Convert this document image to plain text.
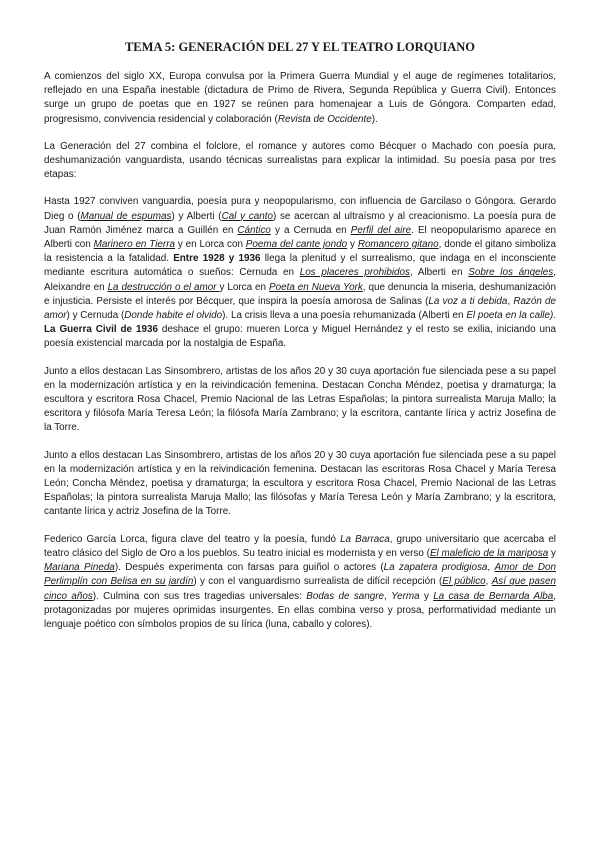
TEMA 5: GENERACIÓN DEL 27 Y EL TEATRO LORQUIANO

A comienzos del siglo XX, Europa convulsa por la Primera Guerra Mundial y el auge de regímenes totalitarios, reflejado en una España inestable (dictadura de Primo de Rivera, Segunda República y Guerra Civil). Entonces surge un grupo de poetas que en 1927 se reúnen para homenajear a Luis de Góngora. Comparten edad, progresismo, convivencia residencial y colaboración (Revista de Occidente).

La Generación del 27 combina el folclore, el romance y autores como Bécquer o Machado con poesía pura, deshumanización vanguardista, usando técnicas surrealistas para explicar la intimidad. Su poesía pasa por tres etapas:

Hasta 1927 conviven vanguardia, poesía pura y neopopularismo, con influencia de Garcilaso o Góngora. Gerardo Dieg o (Manual de espumas) y Alberti (Cal y canto) se acercan al ultraísmo y al creacionismo. La poesía pura de Juan Ramón Jiménez marca a Guillén en Cántico y a Cernuda en Perfil del aire. El neopopularismo aparece en Alberti con Marinero en Tierra y en Lorca con Poema del cante jondo y Romancero gitano, donde el gitano simboliza la resistencia a la fatalidad. Entre 1928 y 1936 llega la plenitud y el surrealismo, que indaga en el inconsciente mediante escritura automática o sueños: Cernuda en Los placeres prohibidos, Alberti en Sobre los ángeles, Aleixandre en La destrucción o el amor y Lorca en Poeta en Nueva York, que denuncia la miseria, deshumanización e injusticia. Persiste el interés por Bécquer, que inspira la poesía amorosa de Salinas (La voz a ti debida, Razón de amor) y Cernuda (Donde habite el olvido). La crisis lleva a una poesía rehumanizada (Alberti en El poeta en la calle). La Guerra Civil de 1936 deshace el grupo: mueren Lorca y Miguel Hernández y el resto se exilia, iniciando una poesía existencial marcada por la nostalgia de España.

Junto a ellos destacan Las Sinsombrero, artistas de los años 20 y 30 cuya aportación fue silenciada pese a su papel en la modernización artística y en la reivindicación femenina. Destacan Concha Méndez, poetisa y dramaturga; la escultora y escritora Rosa Chacel, Premio Nacional de las Letras Españolas; la pintora surrealista Maruja Mallo; la escritora y filósofa María Teresa León; la filósofa María Zambrano; y la escritora, cantante lírica y actriz Josefina de la Torre.

Junto a ellos destacan Las Sinsombrero, artistas de los años 20 y 30 cuya aportación fue silenciada pese a su papel en la modernización artística y en la reivindicación femenina. Destacan las escritoras Rosa Chacel y María Teresa León; Concha Méndez, poetisa y dramaturga; la escultora y escritora Rosa Chacel, Premio Nacional de las Letras Españolas; la pintora surrealista Maruja Mallo; las filósofas y María Teresa León y María Zambrano; y la escritora, cantante lírica y actriz Josefina de la Torre.

Federico García Lorca, figura clave del teatro y la poesía, fundó La Barraca, grupo universitario que acercaba el teatro clásico del Siglo de Oro a los pueblos. Su teatro inicial es modernista y en verso (El maleficio de la mariposa y Mariana Pineda). Después experimenta con farsas para guiñol o actores (La zapatera prodigiosa, Amor de Don Perlimplín con Belisa en su jardín) y con el vanguardismo surrealista de difícil recepción (El público, Así que pasen cinco años). Culmina con sus tres tragedias universales: Bodas de sangre, Yerma y La casa de Bernarda Alba, protagonizadas por mujeres oprimidas insurgentes. En ellas combina verso y prosa, performatividad mediante un lenguaje poético con símbolos propios de su lírica (luna, caballo y colores).
